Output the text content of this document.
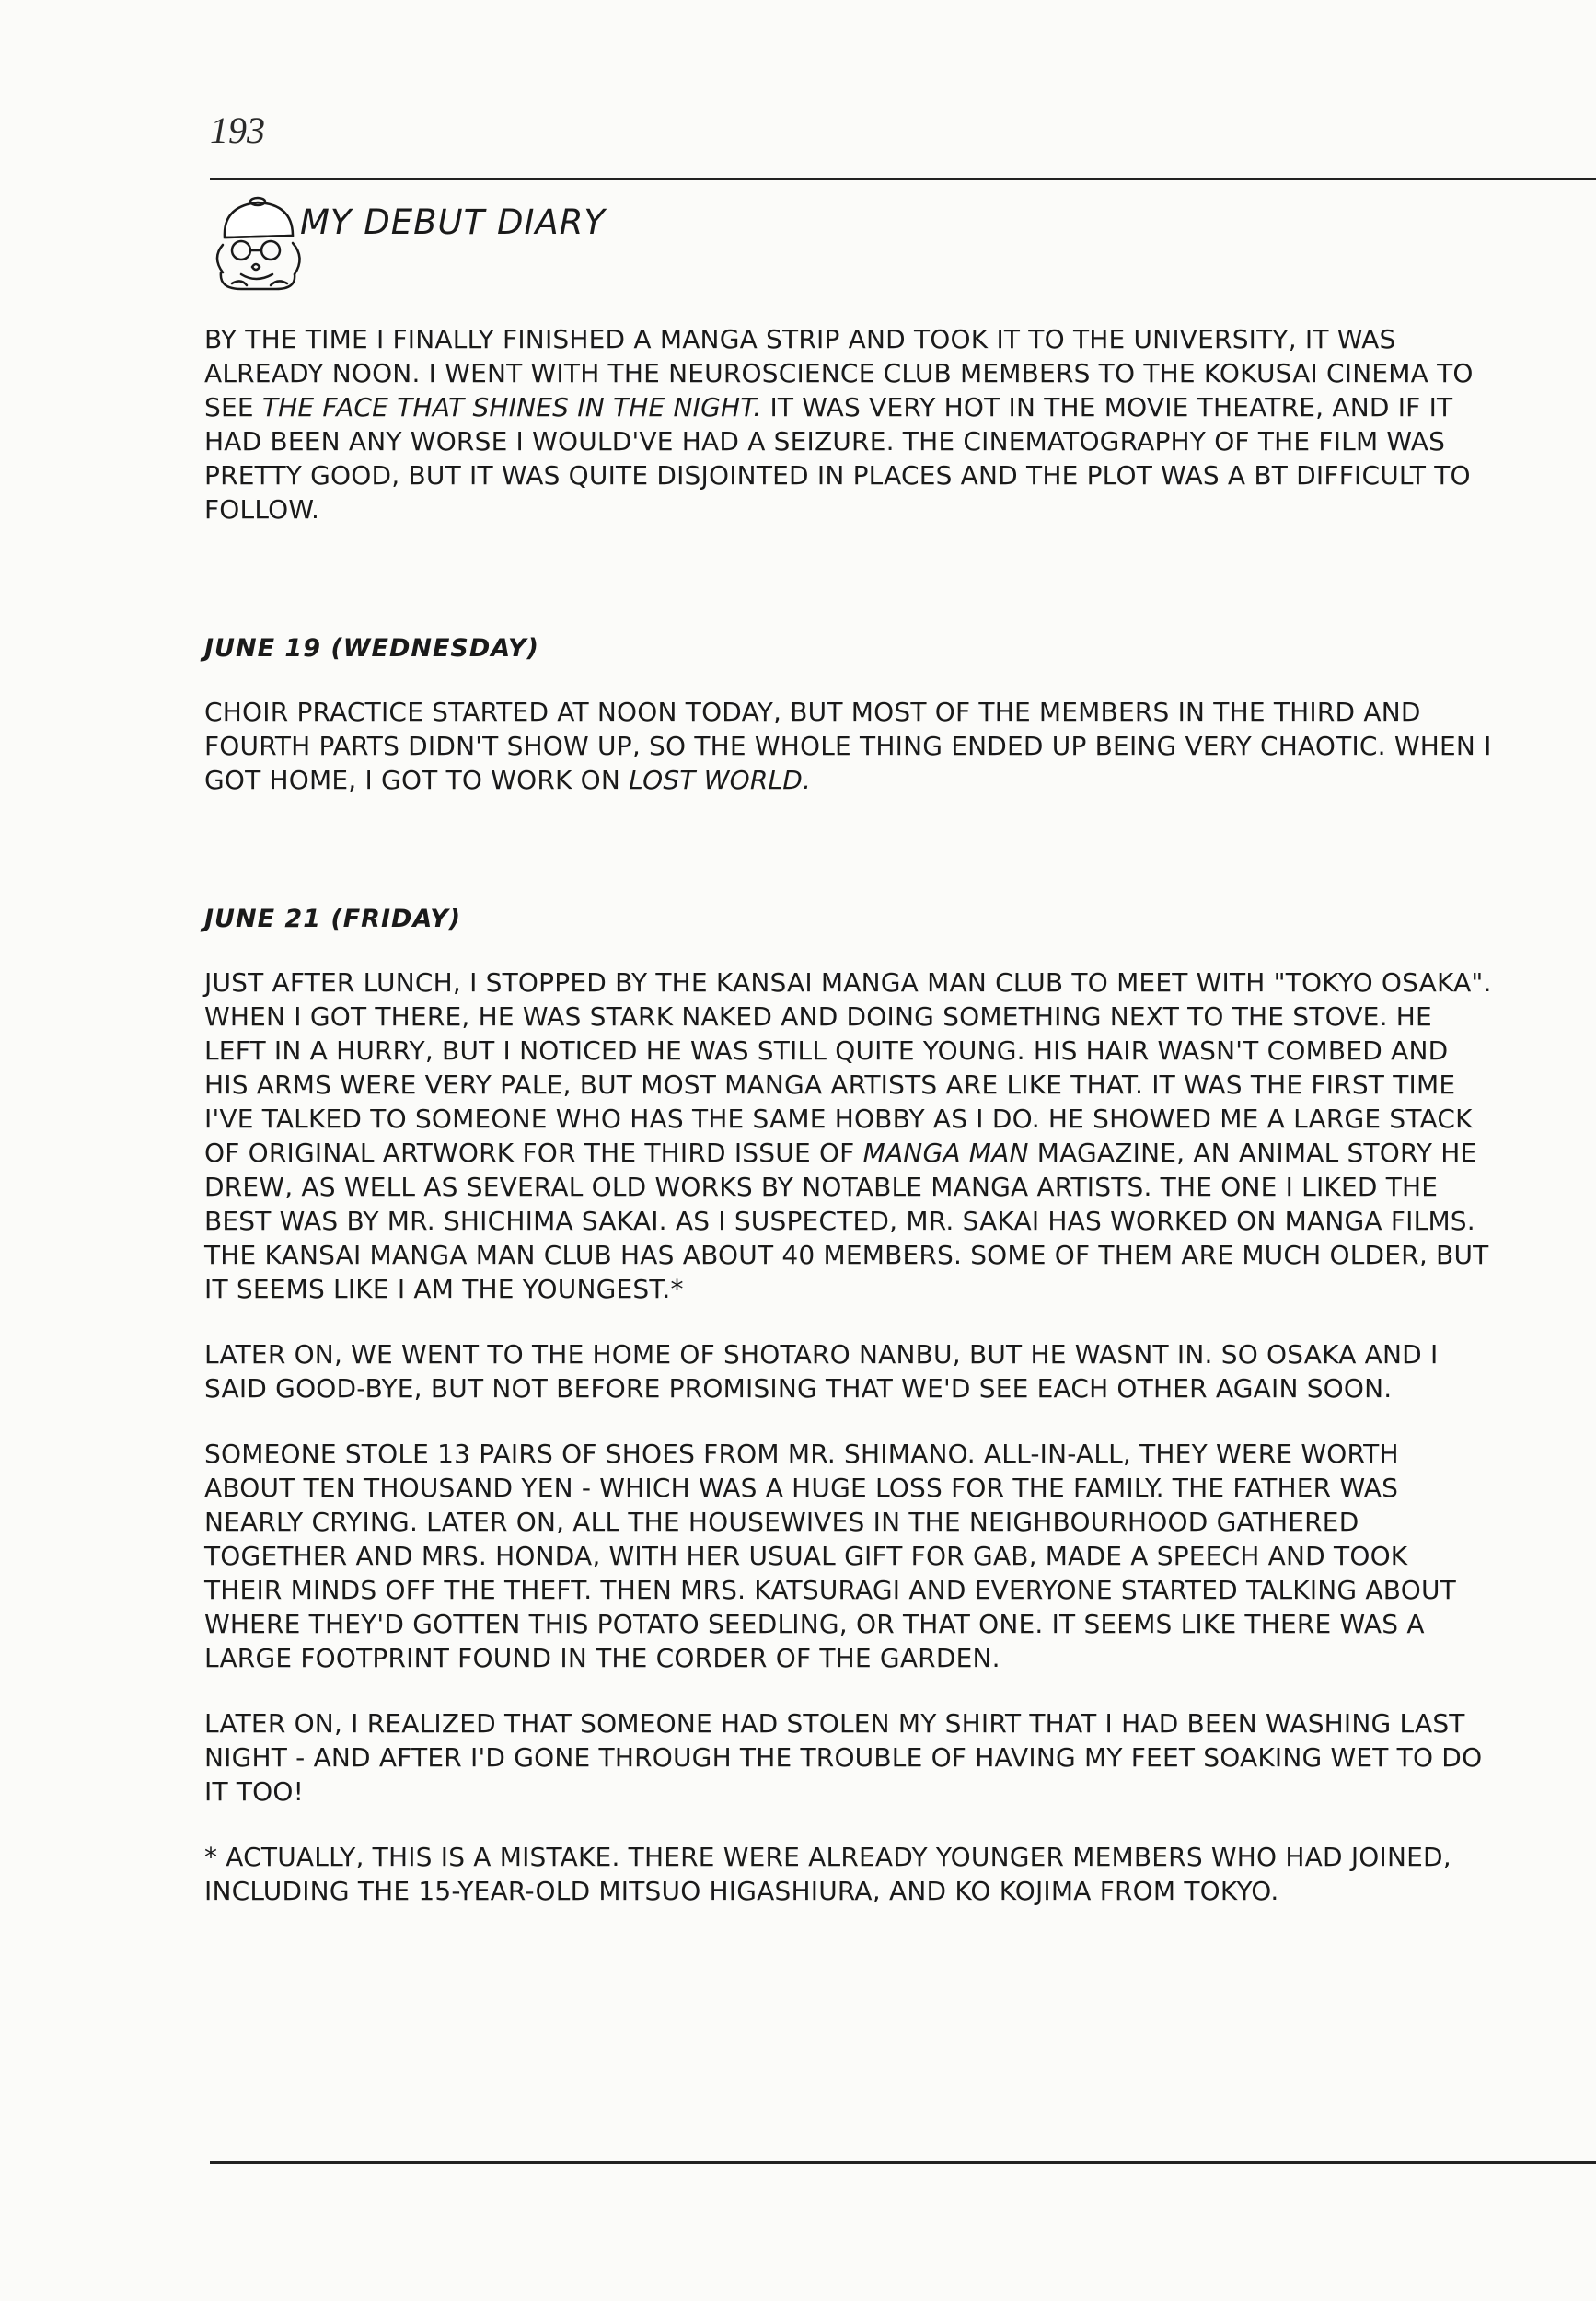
193
MY DEBUT DIARY

BY THE TIME I FINALLY FINISHED A MANGA STRIP AND TOOK IT TO THE UNIVERSITY, IT WAS ALREADY NOON. I WENT WITH THE NEUROSCIENCE CLUB MEMBERS TO THE KOKUSAI CINEMA TO SEE THE FACE THAT SHINES IN THE NIGHT. IT WAS VERY HOT IN THE MOVIE THEATRE, AND IF IT HAD BEEN ANY WORSE I WOULD'VE HAD A SEIZURE. THE CINEMATOGRAPHY OF THE FILM WAS PRETTY GOOD, BUT IT WAS QUITE DISJOINTED IN PLACES AND THE PLOT WAS A BT DIFFICULT TO FOLLOW.

JUNE 19 (WEDNESDAY)

CHOIR PRACTICE STARTED AT NOON TODAY, BUT MOST OF THE MEMBERS IN THE THIRD AND FOURTH PARTS DIDN'T SHOW UP, SO THE WHOLE THING ENDED UP BEING VERY CHAOTIC. WHEN I GOT HOME, I GOT TO WORK ON LOST WORLD.

JUNE 21 (FRIDAY)

JUST AFTER LUNCH, I STOPPED BY THE KANSAI MANGA MAN CLUB TO MEET WITH "TOKYO OSAKA". WHEN I GOT THERE, HE WAS STARK NAKED AND DOING SOMETHING NEXT TO THE STOVE. HE LEFT IN A HURRY, BUT I NOTICED HE WAS STILL QUITE YOUNG. HIS HAIR WASN'T COMBED AND HIS ARMS WERE VERY PALE, BUT MOST MANGA ARTISTS ARE LIKE THAT. IT WAS THE FIRST TIME I'VE TALKED TO SOMEONE WHO HAS THE SAME HOBBY AS I DO. HE SHOWED ME A LARGE STACK OF ORIGINAL ARTWORK FOR THE THIRD ISSUE OF MANGA MAN MAGAZINE, AN ANIMAL STORY HE DREW, AS WELL AS SEVERAL OLD WORKS BY NOTABLE MANGA ARTISTS. THE ONE I LIKED THE BEST WAS BY MR. SHICHIMA SAKAI. AS I SUSPECTED, MR. SAKAI HAS WORKED ON MANGA FILMS. THE KANSAI MANGA MAN CLUB HAS ABOUT 40 MEMBERS. SOME OF THEM ARE MUCH OLDER, BUT IT SEEMS LIKE I AM THE YOUNGEST.*

LATER ON, WE WENT TO THE HOME OF SHOTARO NANBU, BUT HE WASNT IN. SO OSAKA AND I SAID GOOD-BYE, BUT NOT BEFORE PROMISING THAT WE'D SEE EACH OTHER AGAIN SOON.

SOMEONE STOLE 13 PAIRS OF SHOES FROM MR. SHIMANO. ALL-IN-ALL, THEY WERE WORTH ABOUT TEN THOUSAND YEN - WHICH WAS A HUGE LOSS FOR THE FAMILY. THE FATHER WAS NEARLY CRYING. LATER ON, ALL THE HOUSEWIVES IN THE NEIGHBOURHOOD GATHERED TOGETHER AND MRS. HONDA, WITH HER USUAL GIFT FOR GAB, MADE A SPEECH AND TOOK THEIR MINDS OFF THE THEFT. THEN MRS. KATSURAGI AND EVERYONE STARTED TALKING ABOUT WHERE THEY'D GOTTEN THIS POTATO SEEDLING, OR THAT ONE. IT SEEMS LIKE THERE WAS A LARGE FOOTPRINT FOUND IN THE CORDER OF THE GARDEN.

LATER ON, I REALIZED THAT SOMEONE HAD STOLEN MY SHIRT THAT I HAD BEEN WASHING LAST NIGHT - AND AFTER I'D GONE THROUGH THE TROUBLE OF HAVING MY FEET SOAKING WET TO DO IT TOO!

* ACTUALLY, THIS IS A MISTAKE. THERE WERE ALREADY YOUNGER MEMBERS WHO HAD JOINED, INCLUDING THE 15-YEAR-OLD MITSUO HIGASHIURA, AND KO KOJIMA FROM TOKYO.
